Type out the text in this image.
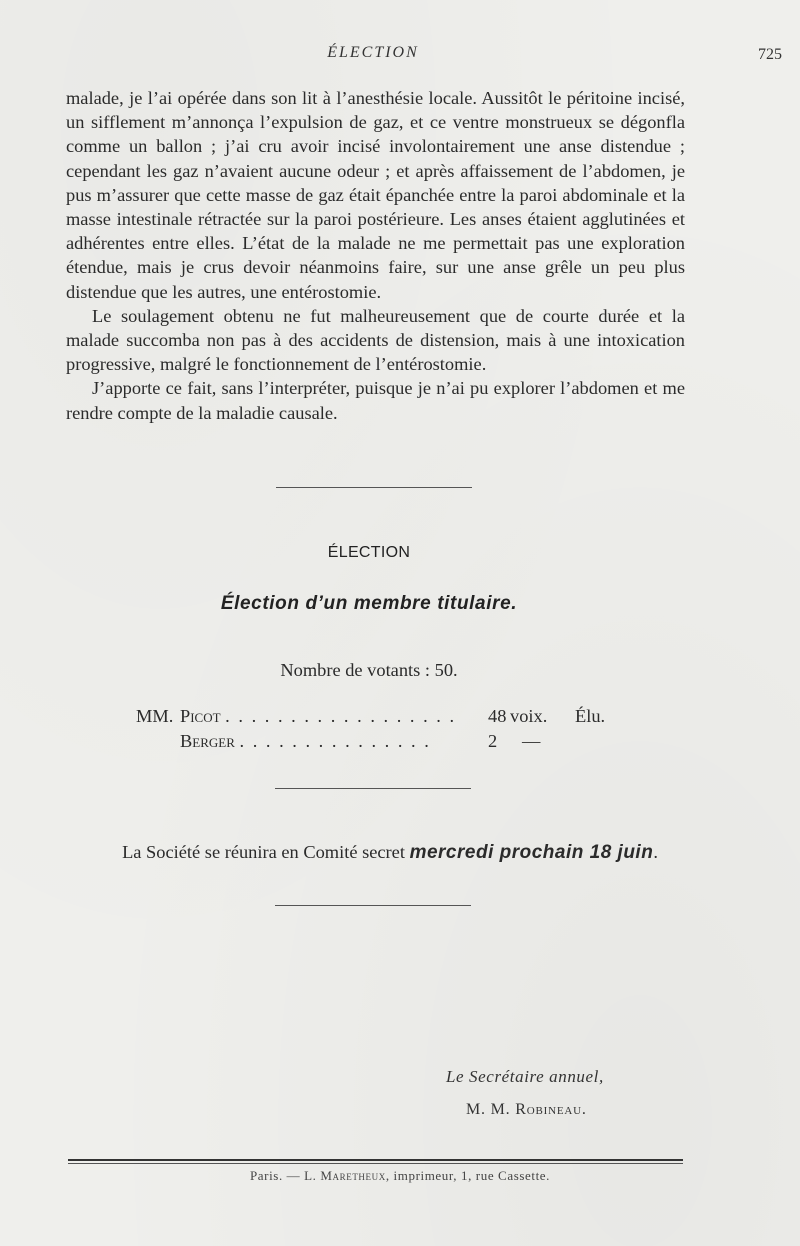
ÉLECTION	725

malade, je l’ai opérée dans son lit à l’anesthésie locale. Aussitôt le péritoine incisé, un sifflement m’annonça l’expulsion de gaz, et ce ventre monstrueux se dégonfla comme un ballon ; j’ai cru avoir incisé involontairement une anse distendue ; cependant les gaz n’avaient aucune odeur ; et après affaissement de l’abdomen, je pus m’assurer que cette masse de gaz était épanchée entre la paroi abdominale et la masse intestinale rétractée sur la paroi postérieure. Les anses étaient agglutinées et adhérentes entre elles. L’état de la malade ne me permettait pas une exploration étendue, mais je crus devoir néanmoins faire, sur une anse grêle un peu plus distendue que les autres, une entérostomie.

Le soulagement obtenu ne fut malheureusement que de courte durée et la malade succomba non pas à des accidents de distension, mais à une intoxication progressive, malgré le fonctionnement de l’entérostomie.

J’apporte ce fait, sans l’interpréter, puisque je n’ai pu explorer l’abdomen et me rendre compte de la maladie causale.

ÉLECTION
Élection d’un membre titulaire.
Nombre de votants : 50.
MM. Picot . . . . . . . . . . . . . . . . . . 48 voix. Élu.
Berger . . . . . . . . . . . . . . .	2 —
La Société se réunira en Comité secret mercredi prochain 18 juin.
Le Secrétaire annuel,
M. M. Robineau.
Paris. — L. Maretheux, imprimeur, 1, rue Cassette.
